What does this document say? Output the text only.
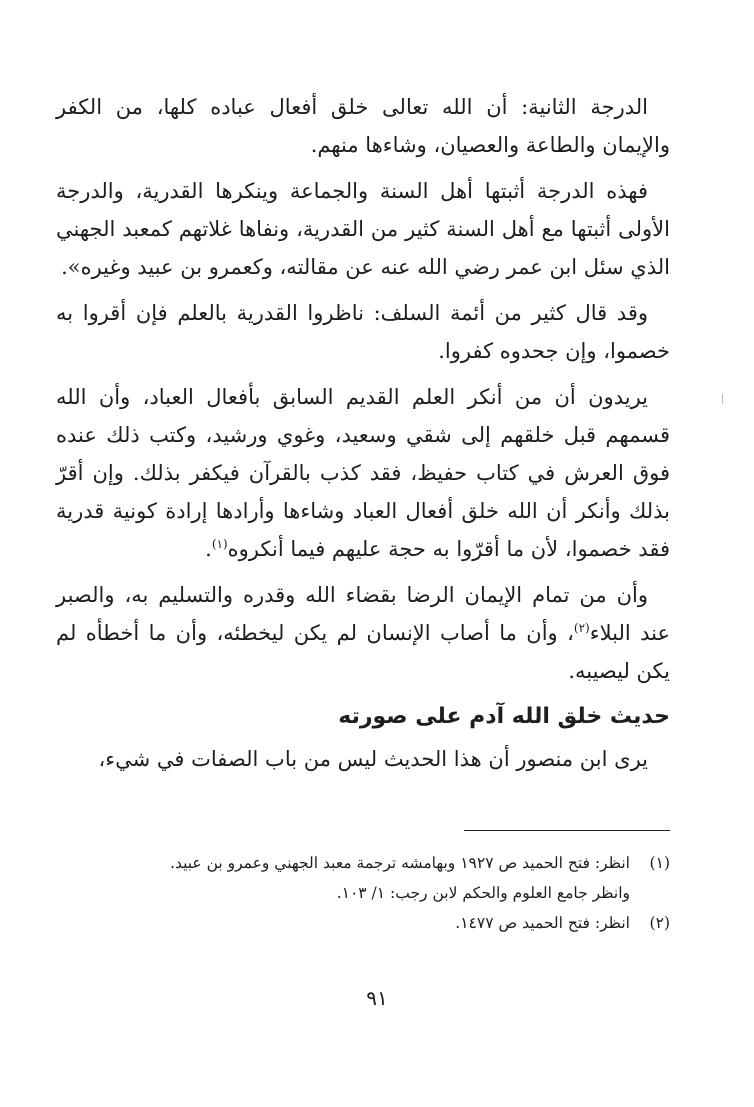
الدرجة الثانية: أن الله تعالى خلق أفعال عباده كلها، من الكفر والإيمان والطاعة والعصيان، وشاءها منهم.

فهذه الدرجة أثبتها أهل السنة والجماعة وينكرها القدرية، والدرجة الأولى أثبتها مع أهل السنة كثير من القدرية، ونفاها غلاتهم كمعبد الجهني الذي سئل ابن عمر رضي الله عنه عن مقالته، وكعمرو بن عبيد وغيره».

وقد قال كثير من أئمة السلف: ناظروا القدرية بالعلم فإن أقروا به خصموا، وإن جحدوه كفروا.

يريدون أن من أنكر العلم القديم السابق بأفعال العباد، وأن الله قسمهم قبل خلقهم إلى شقي وسعيد، وغوي ورشيد، وكتب ذلك عنده فوق العرش في كتاب حفيظ، فقد كذب بالقرآن فيكفر بذلك. وإن أقرّ بذلك وأنكر أن الله خلق أفعال العباد وشاءها وأرادها إرادة كونية قدرية فقد خصموا، لأن ما أقرّوا به حجة عليهم فيما أنكروه$^{(١)}$.

وأن من تمام الإيمان الرضا بقضاء الله وقدره والتسليم به، والصبر عند البلاء$^{(٢)}$، وأن ما أصاب الإنسان لم يكن ليخطئه، وأن ما أخطأه لم يكن ليصيبه.

حديث خلق الله آدم على صورته

يرى ابن منصور أن هذا الحديث ليس من باب الصفات في شيء،

(١)انظر: فتح الحميد ص ١٩٢٧ وبهامشه ترجمة معبد الجهني وعمرو بن عبيد.
وانظر جامع العلوم والحكم لابن رجب: ١/ ١٠٣.
(٢)انظر: فتح الحميد ص ١٤٧٧.
٩١
